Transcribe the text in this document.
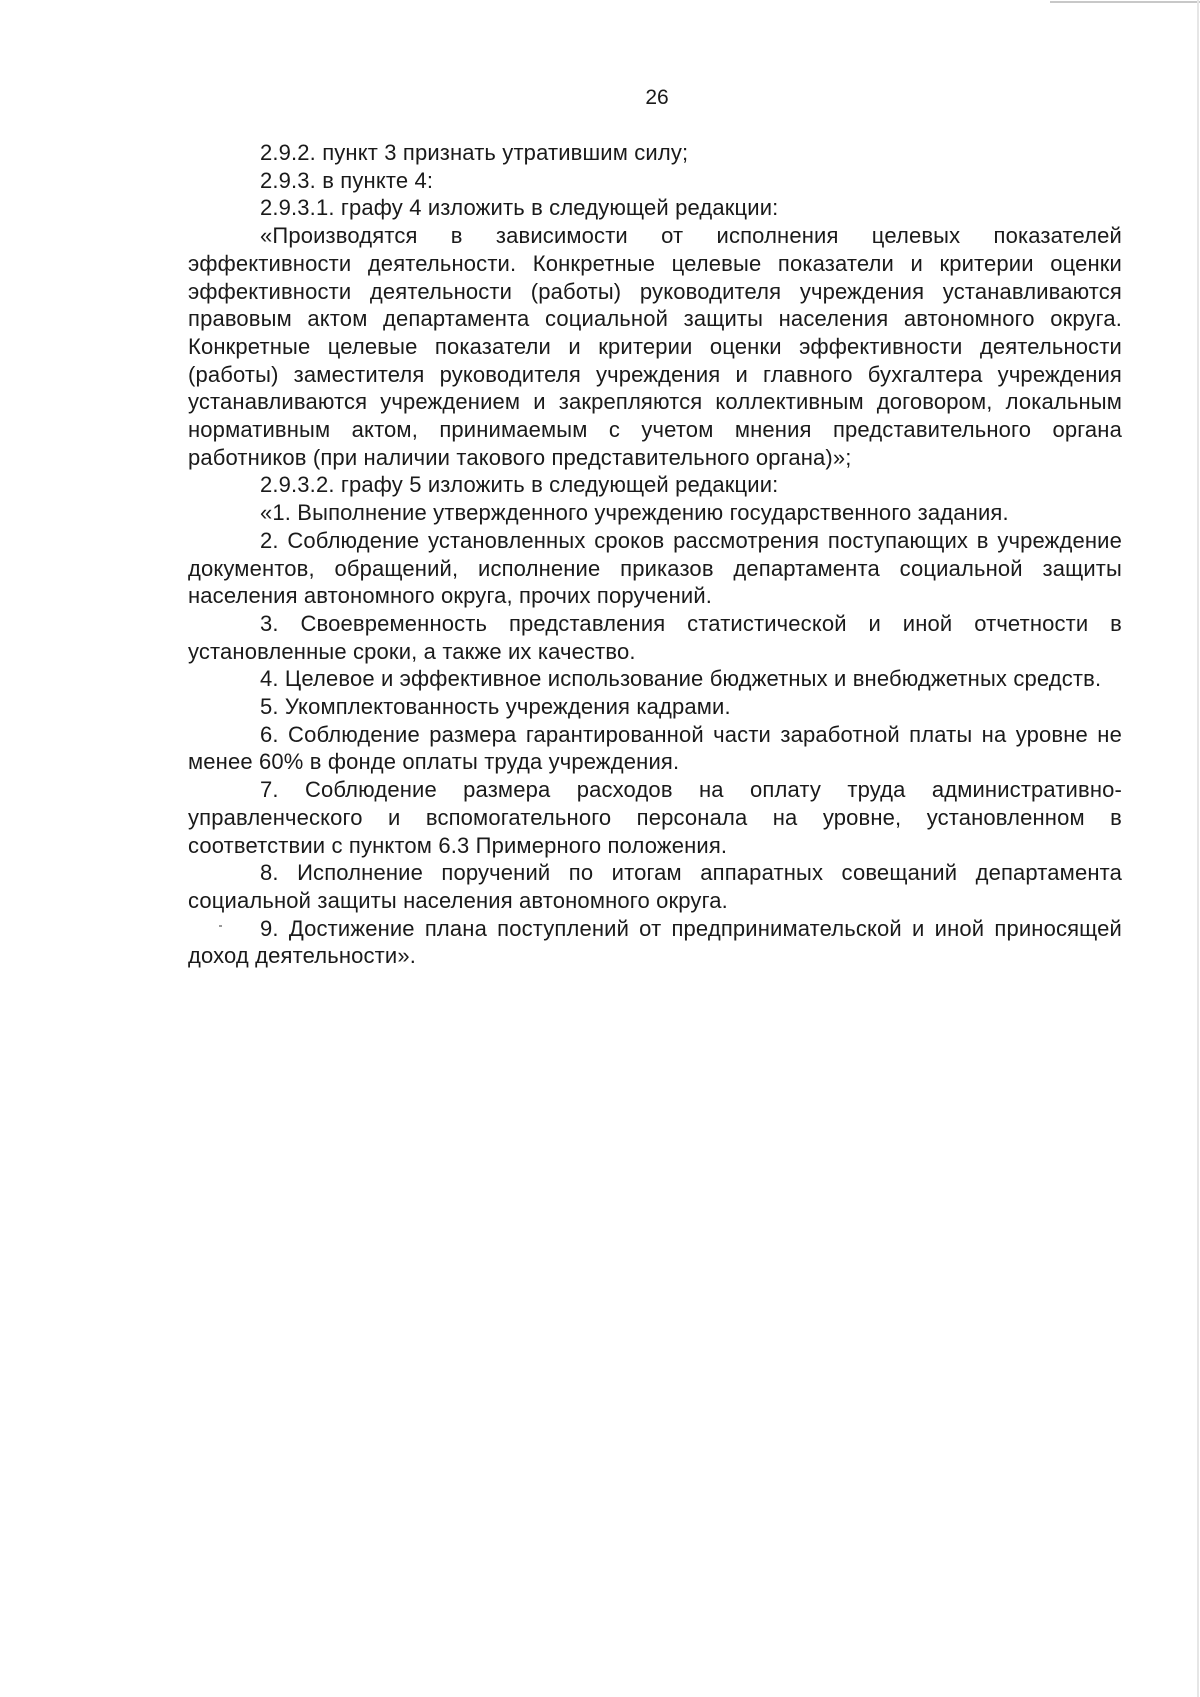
26

2.9.2. пункт 3 признать утратившим силу;

2.9.3. в пункте 4:

2.9.3.1. графу 4 изложить в следующей редакции:

«Производятся в зависимости от исполнения целевых показателей эффективности деятельности. Конкретные целевые показатели и критерии оценки эффективности деятельности (работы) руководителя учреждения устанавливаются правовым актом департамента социальной защиты населения автономного округа. Конкретные целевые показатели и критерии оценки эффективности деятельности (работы) заместителя руководителя учреждения и главного бухгалтера учреждения устанавливаются учреждением и закрепляются коллективным договором, локальным нормативным актом, принимаемым с учетом мнения представительного органа работников (при наличии такового представительного органа)»;

2.9.3.2. графу 5 изложить в следующей редакции:

«1. Выполнение утвержденного учреждению государственного задания.

2. Соблюдение установленных сроков рассмотрения поступающих в учреждение документов, обращений, исполнение приказов департамента социальной защиты населения автономного округа, прочих поручений.

3. Своевременность представления статистической и иной отчетности в установленные сроки, а также их качество.

4. Целевое и эффективное использование бюджетных и внебюджетных средств.

5. Укомплектованность учреждения кадрами.

6. Соблюдение размера гарантированной части заработной платы на уровне не менее 60% в фонде оплаты труда учреждения.

7. Соблюдение размера расходов на оплату труда административно-управленческого и вспомогательного персонала на уровне, установленном в соответствии с пунктом 6.3 Примерного положения.

8. Исполнение поручений по итогам аппаратных совещаний департамента социальной защиты населения автономного округа.

9. Достижение плана поступлений от предпринимательской и иной приносящей доход деятельности».
